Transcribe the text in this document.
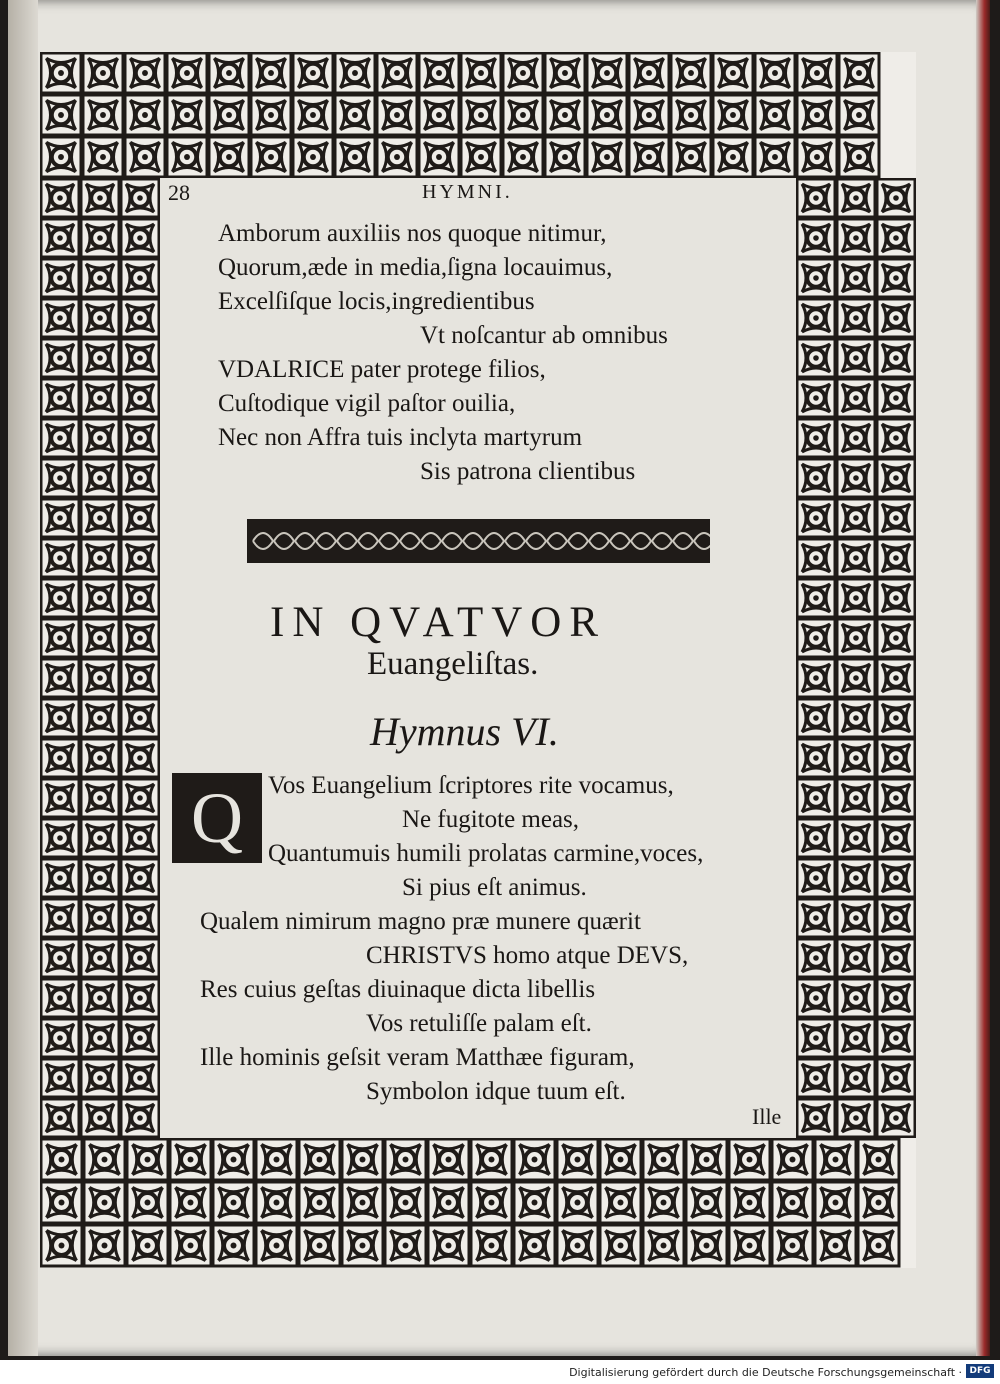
28	HYMNI.
Amborum auxiliis nos quoque nitimur,
Quorum,æde in media,ſigna locauimus,
Excelſiſque locis,ingredientibus
Vt noſcantur ab omnibus
VDALRICE pater protege filios,
Cuſtodique vigil paſtor ouilia,
Nec non Affra tuis inclyta martyrum
Sis patrona clientibus
IN QVATVOR
Euangeliſtas.
Hymnus VI.
Q	Vos Euangelium ſcriptores rite vocamus,
Ne fugitote meas,
Quantumuis humili prolatas carmine,voces,
Si pius eſt animus.
Qualem nimirum magno præ munere quærit
CHRISTVS homo atque DEVS,
Res cuius geſtas diuinaque dicta libellis
Vos retuliſſe palam eſt.
Ille hominis geſsit veram Matthæe figuram,
Symbolon idque tuum eſt.
Ille
Digitalisierung gefördert durch die Deutsche Forschungsgemeinschaft · DFG
